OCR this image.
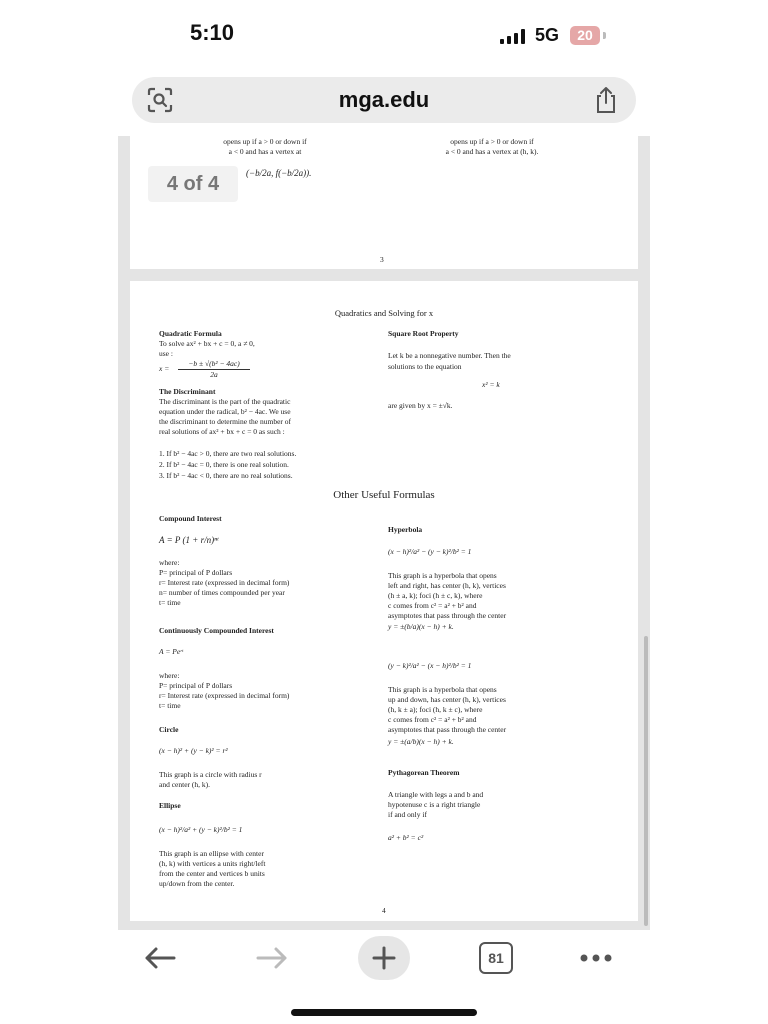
5:10	5G	20
mga.edu
opens up if a > 0 or down if
a < 0 and has a vertex at
(−b/2a, f(−b/2a)).
opens up if a > 0 or down if
a < 0 and has a vertex at (h, k).
3
4 of 4
Quadratics and Solving for x
Quadratic Formula
To solve ax² + bx + c = 0, a ≠ 0,
use :
x =
−b ± √(b² − 4ac)
2a
The Discriminant
The discriminant is the part of the quadratic
equation under the radical, b² − 4ac. We use
the discriminant to determine the number of
real solutions of ax² + bx + c = 0 as such :
1. If b² − 4ac > 0, there are two real solutions.
2. If b² − 4ac = 0, there is one real solution.
3. If b² − 4ac < 0, there are no real solutions.
Square Root Property
Let k be a nonnegative number. Then the
solutions to the equation
x² = k
are given by x = ±√k.
Other Useful Formulas
Compound Interest
A = P (1 + r/n)ⁿᵗ
where:
P= principal of P dollars
r= Interest rate (expressed in decimal form)
n= number of times compounded per year
t= time
Continuously Compounded Interest
A = Peʳᵗ
where:
P= principal of P dollars
r= Interest rate (expressed in decimal form)
t= time
Circle
(x − h)² + (y − k)² = r²
This graph is a circle with radius r
and center (h, k).
Ellipse
(x − h)²/a² + (y − k)²/b² = 1
This graph is an ellipse with center
(h, k) with vertices a units right/left
from the center and vertices b units
up/down from the center.
Hyperbola
(x − h)²/a² − (y − k)²/b² = 1
This graph is a hyperbola that opens
left and right, has center (h, k), vertices
(h ± a, k); foci (h ± c, k), where
c comes from c² = a² + b² and
asymptotes that pass through the center
y = ±(b/a)(x − h) + k.
(y − k)²/a² − (x − h)²/b² = 1
This graph is a hyperbola that opens
up and down, has center (h, k), vertices
(h, k ± a); foci (h, k ± c), where
c comes from c² = a² + b² and
asymptotes that pass through the center
y = ±(a/b)(x − h) + k.
Pythagorean Theorem
A triangle with legs a and b and
hypotenuse c is a right triangle
if and only if
a² + b² = c²
4
81
